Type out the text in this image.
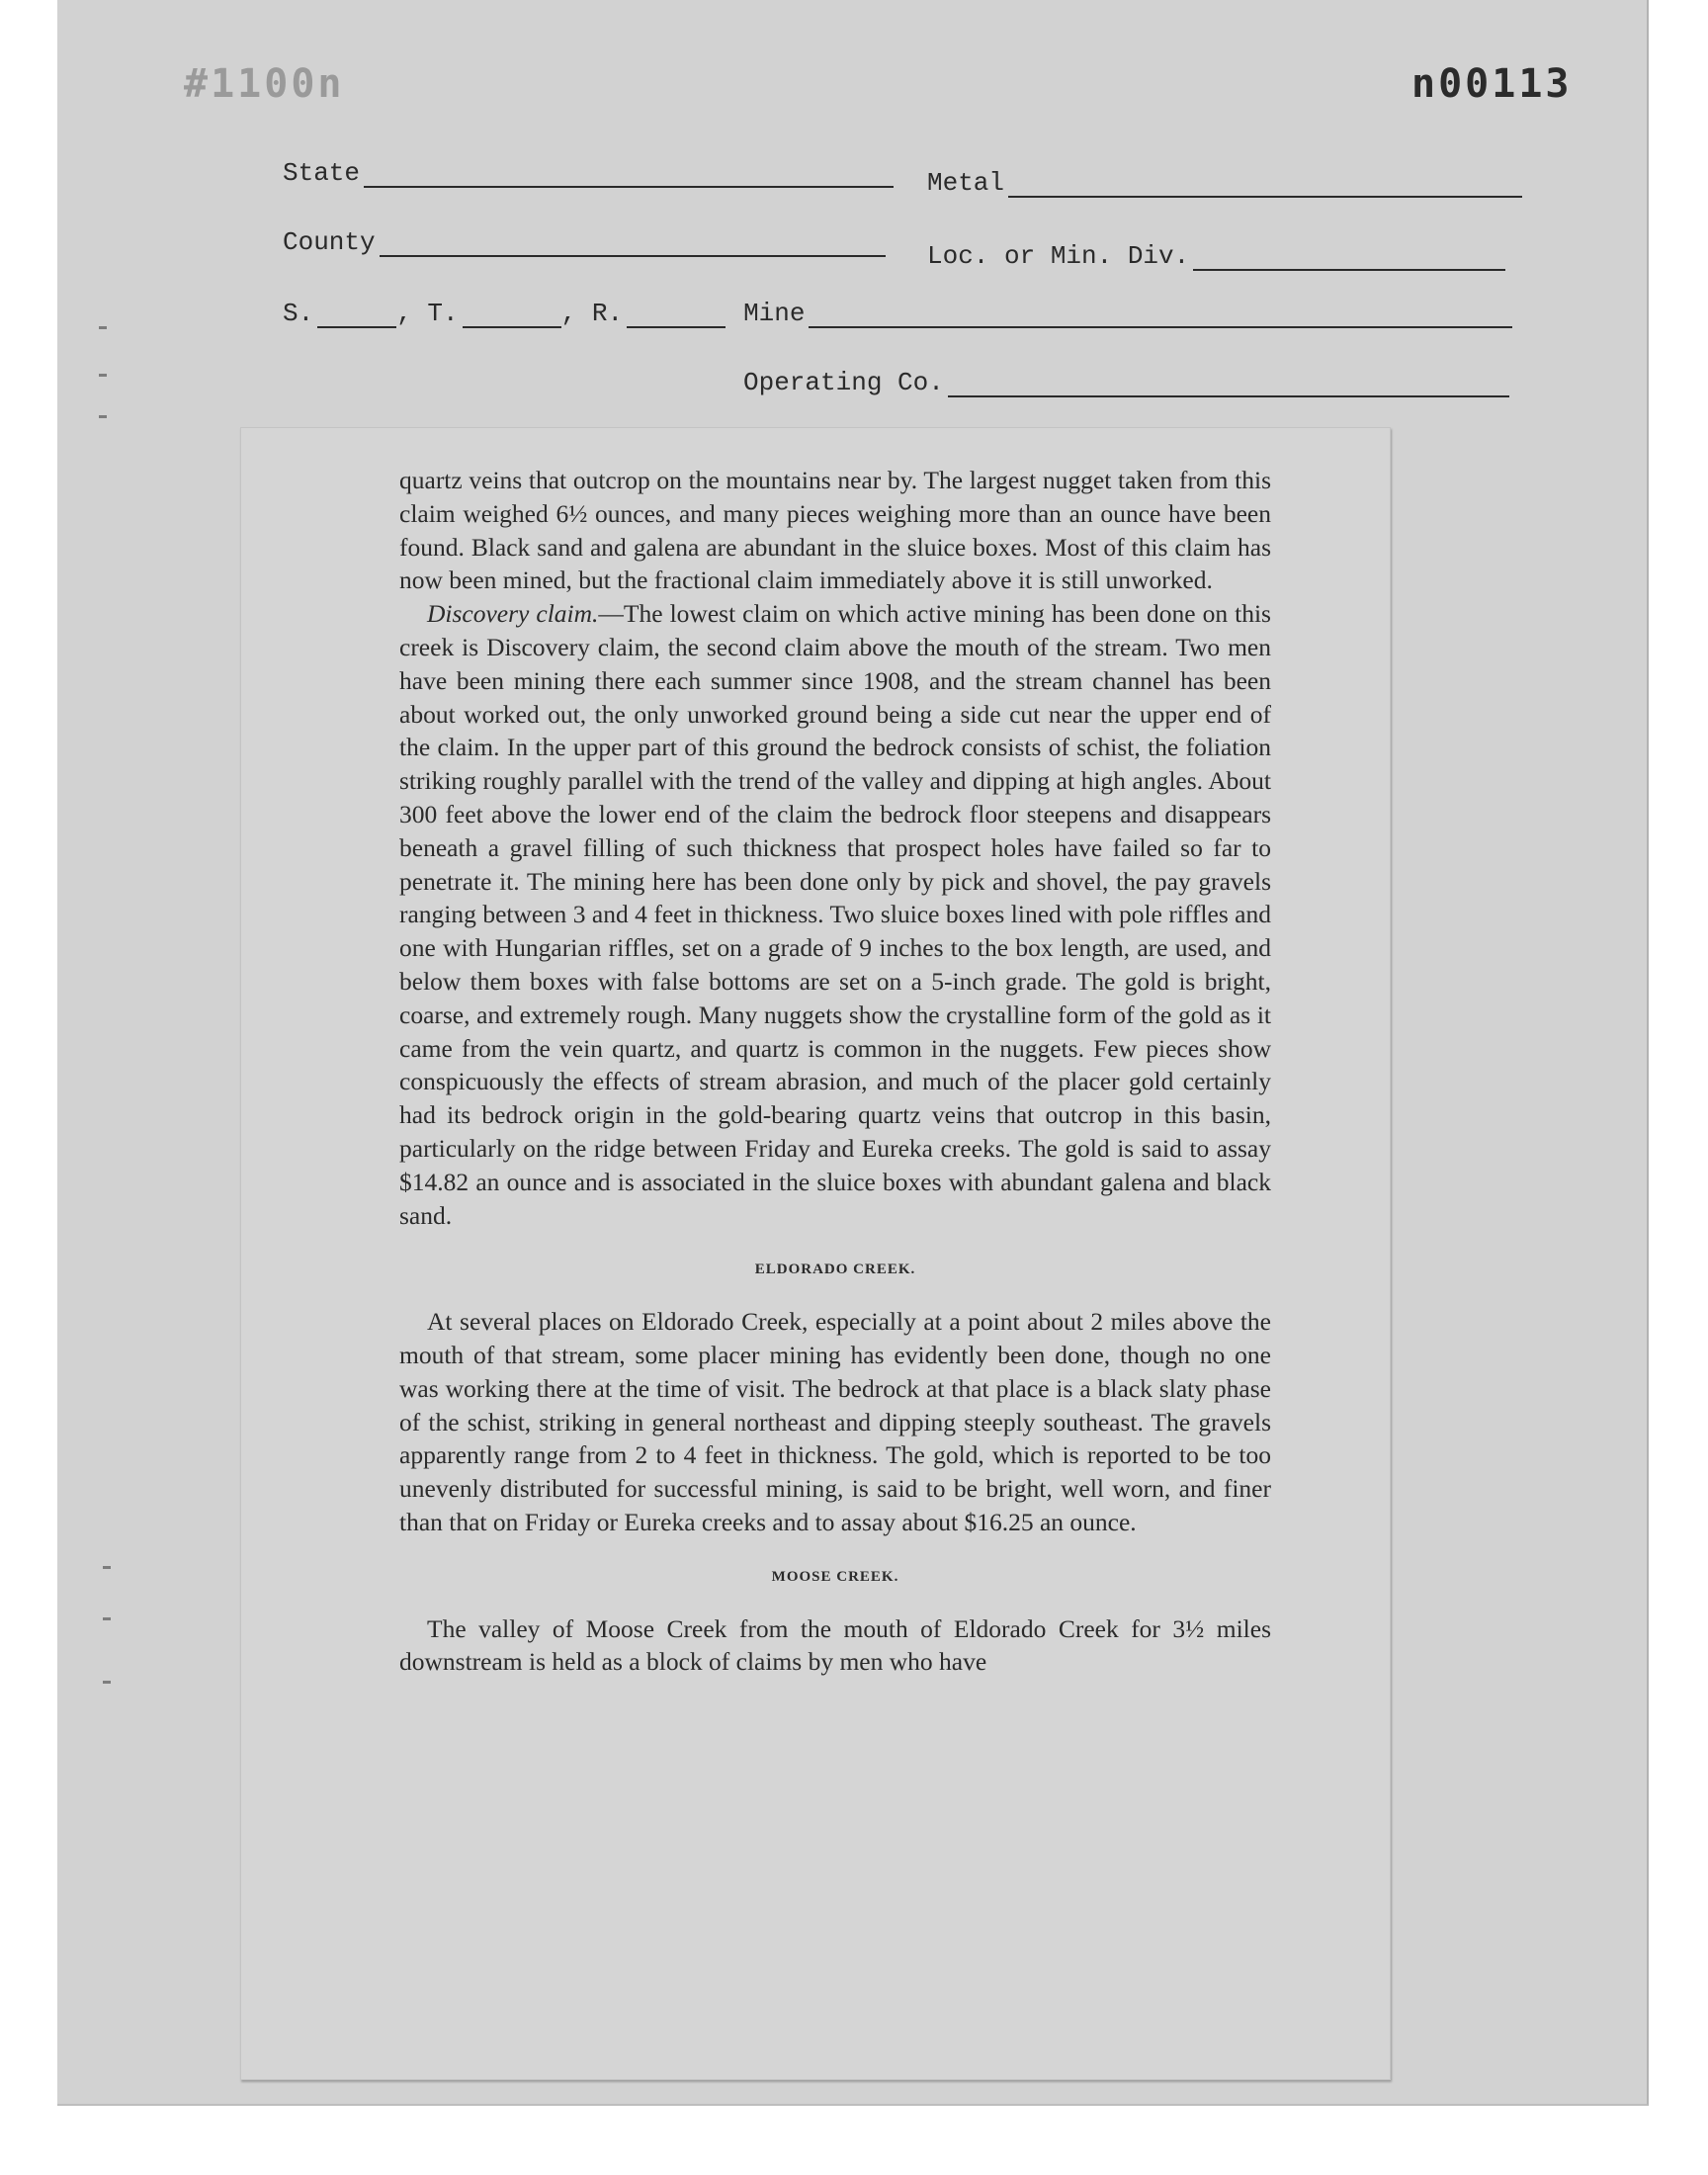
#1100n	n00113
State	Metal
County	Loc. or Min. Div.
S.	, T.	, R.	Mine
Operating Co.

quartz veins that outcrop on the mountains near by. The largest nugget taken from this claim weighed 6½ ounces, and many pieces weighing more than an ounce have been found. Black sand and galena are abundant in the sluice boxes. Most of this claim has now been mined, but the fractional claim immediately above it is still unworked.

Discovery claim.—The lowest claim on which active mining has been done on this creek is Discovery claim, the second claim above the mouth of the stream. Two men have been mining there each summer since 1908, and the stream channel has been about worked out, the only unworked ground being a side cut near the upper end of the claim. In the upper part of this ground the bedrock consists of schist, the foliation striking roughly parallel with the trend of the valley and dipping at high angles. About 300 feet above the lower end of the claim the bedrock floor steepens and disappears beneath a gravel filling of such thickness that prospect holes have failed so far to penetrate it. The mining here has been done only by pick and shovel, the pay gravels ranging between 3 and 4 feet in thickness. Two sluice boxes lined with pole riffles and one with Hungarian riffles, set on a grade of 9 inches to the box length, are used, and below them boxes with false bottoms are set on a 5-inch grade. The gold is bright, coarse, and extremely rough. Many nuggets show the crystalline form of the gold as it came from the vein quartz, and quartz is common in the nuggets. Few pieces show conspicuously the effects of stream abrasion, and much of the placer gold certainly had its bedrock origin in the gold-bearing quartz veins that outcrop in this basin, particularly on the ridge between Friday and Eureka creeks. The gold is said to assay $14.82 an ounce and is associated in the sluice boxes with abundant galena and black sand.

ELDORADO CREEK.

At several places on Eldorado Creek, especially at a point about 2 miles above the mouth of that stream, some placer mining has evidently been done, though no one was working there at the time of visit. The bedrock at that place is a black slaty phase of the schist, striking in general northeast and dipping steeply southeast. The gravels apparently range from 2 to 4 feet in thickness. The gold, which is reported to be too unevenly distributed for successful mining, is said to be bright, well worn, and finer than that on Friday or Eureka creeks and to assay about $16.25 an ounce.

MOOSE CREEK.

The valley of Moose Creek from the mouth of Eldorado Creek for 3½ miles downstream is held as a block of claims by men who have
